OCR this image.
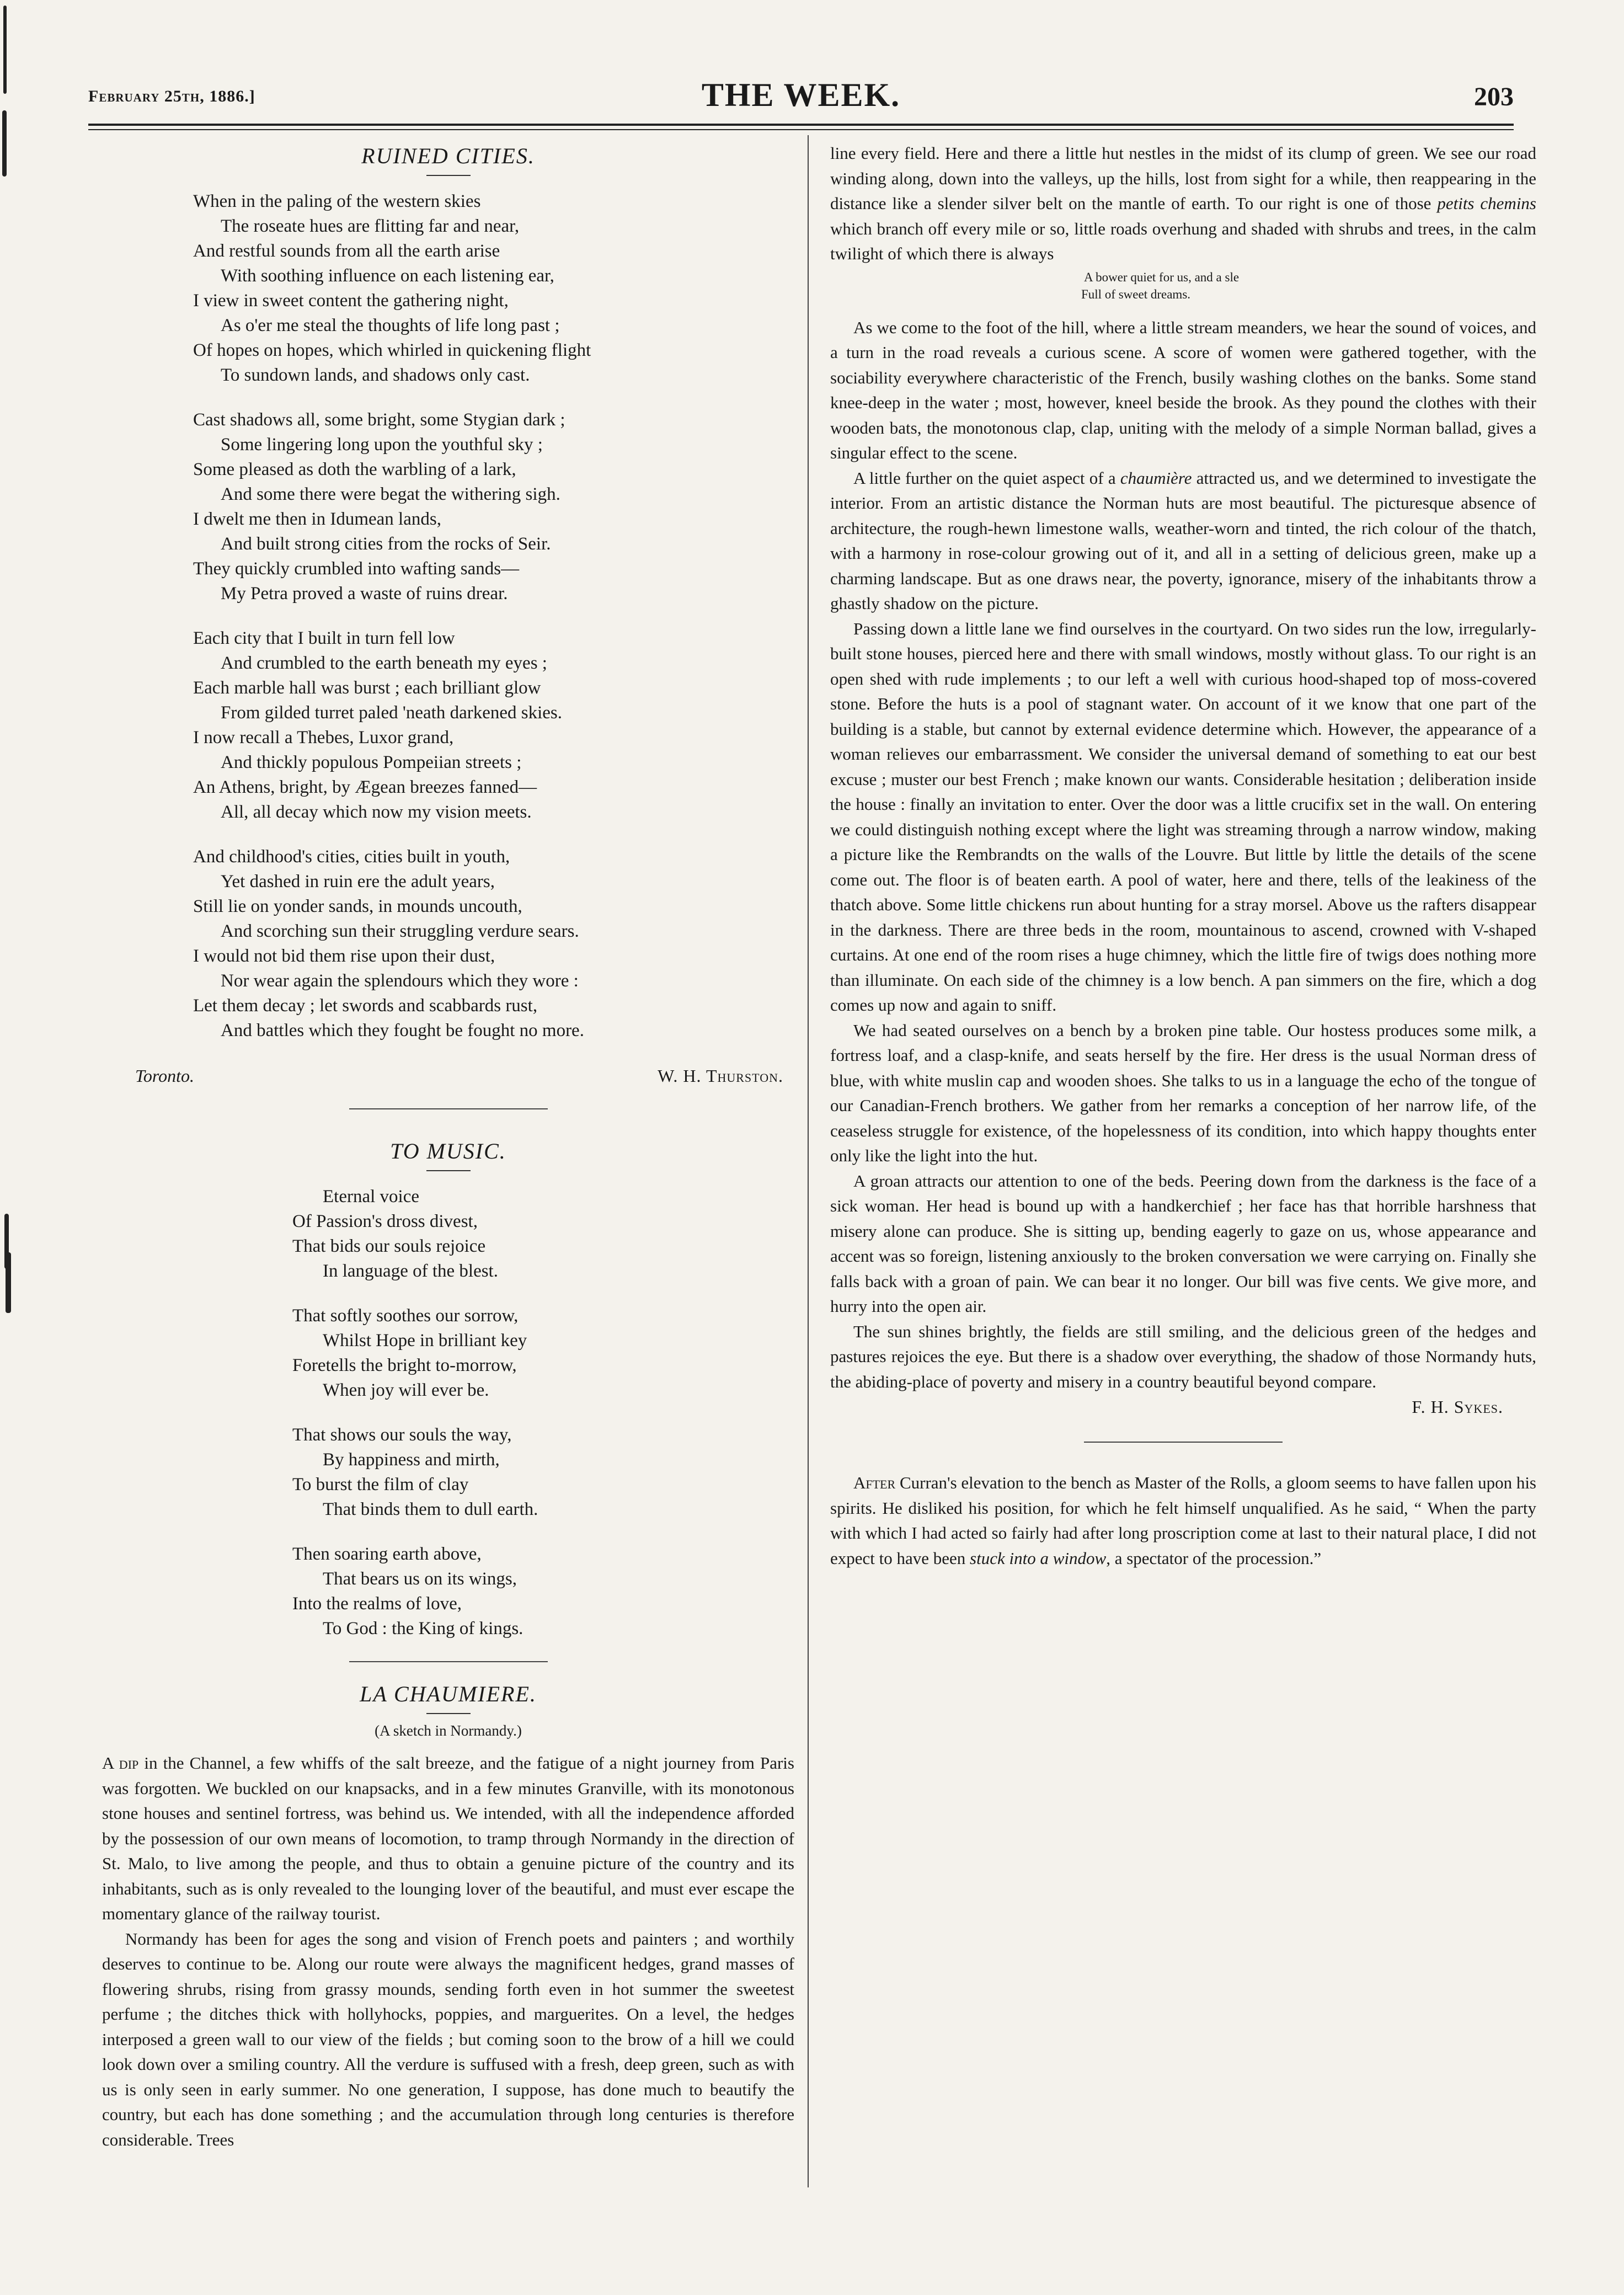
February 25th, 1886.]	THE WEEK.	203
RUINED CITIES.
When in the paling of the western skies
The roseate hues are flitting far and near,
And restful sounds from all the earth arise
With soothing influence on each listening ear,
I view in sweet content the gathering night,
As o'er me steal the thoughts of life long past ;
Of hopes on hopes, which whirled in quickening flight
To sundown lands, and shadows only cast.
Cast shadows all, some bright, some Stygian dark ;
Some lingering long upon the youthful sky ;
Some pleased as doth the warbling of a lark,
And some there were begat the withering sigh.
I dwelt me then in Idumean lands,
And built strong cities from the rocks of Seir.
They quickly crumbled into wafting sands—
My Petra proved a waste of ruins drear.
Each city that I built in turn fell low
And crumbled to the earth beneath my eyes ;
Each marble hall was burst ; each brilliant glow
From gilded turret paled 'neath darkened skies.
I now recall a Thebes, Luxor grand,
And thickly populous Pompeiian streets ;
An Athens, bright, by Ægean breezes fanned—
All, all decay which now my vision meets.
And childhood's cities, cities built in youth,
Yet dashed in ruin ere the adult years,
Still lie on yonder sands, in mounds uncouth,
And scorching sun their struggling verdure sears.
I would not bid them rise upon their dust,
Nor wear again the splendours which they wore :
Let them decay ; let swords and scabbards rust,
And battles which they fought be fought no more.
Toronto.	W. H. Thurston.
TO MUSIC.
Eternal voice
Of Passion's dross divest,
That bids our souls rejoice
In language of the blest.
That softly soothes our sorrow,
Whilst Hope in brilliant key
Foretells the bright to-morrow,
When joy will ever be.
That shows our souls the way,
By happiness and mirth,
To burst the film of clay
That binds them to dull earth.
Then soaring earth above,
That bears us on its wings,
Into the realms of love,
To God : the King of kings.
LA CHAUMIERE.
(A sketch in Normandy.)

A dip in the Channel, a few whiffs of the salt breeze, and the fatigue of a night journey from Paris was forgotten. We buckled on our knapsacks, and in a few minutes Granville, with its monotonous stone houses and sentinel fortress, was behind us. We intended, with all the independence afforded by the possession of our own means of locomotion, to tramp through Normandy in the direction of St. Malo, to live among the people, and thus to obtain a genuine picture of the country and its inhabitants, such as is only revealed to the lounging lover of the beautiful, and must ever escape the momentary glance of the railway tourist.

Normandy has been for ages the song and vision of French poets and painters ; and worthily deserves to continue to be. Along our route were always the magnificent hedges, grand masses of flowering shrubs, rising from grassy mounds, sending forth even in hot summer the sweetest perfume ; the ditches thick with hollyhocks, poppies, and marguerites. On a level, the hedges interposed a green wall to our view of the fields ; but coming soon to the brow of a hill we could look down over a smiling country. All the verdure is suffused with a fresh, deep green, such as with us is only seen in early summer. No one generation, I suppose, has done much to beautify the country, but each has done something ; and the accumulation through long centuries is therefore considerable. Trees

line every field. Here and there a little hut nestles in the midst of its clump of green. We see our road winding along, down into the valleys, up the hills, lost from sight for a while, then reappearing in the distance like a slender silver belt on the mantle of earth. To our right is one of those petits chemins which branch off every mile or so, little roads overhung and shaded with shrubs and trees, in the calm twilight of which there is always

A bower quiet for us, and a sle
Full of sweet dreams.

As we come to the foot of the hill, where a little stream meanders, we hear the sound of voices, and a turn in the road reveals a curious scene. A score of women were gathered together, with the sociability everywhere characteristic of the French, busily washing clothes on the banks. Some stand knee-deep in the water ; most, however, kneel beside the brook. As they pound the clothes with their wooden bats, the monotonous clap, clap, uniting with the melody of a simple Norman ballad, gives a singular effect to the scene.

A little further on the quiet aspect of a chaumière attracted us, and we determined to investigate the interior. From an artistic distance the Norman huts are most beautiful. The picturesque absence of architecture, the rough-hewn limestone walls, weather-worn and tinted, the rich colour of the thatch, with a harmony in rose-colour growing out of it, and all in a setting of delicious green, make up a charming landscape. But as one draws near, the poverty, ignorance, misery of the inhabitants throw a ghastly shadow on the picture.

Passing down a little lane we find ourselves in the courtyard. On two sides run the low, irregularly-built stone houses, pierced here and there with small windows, mostly without glass. To our right is an open shed with rude implements ; to our left a well with curious hood-shaped top of moss-covered stone. Before the huts is a pool of stagnant water. On account of it we know that one part of the building is a stable, but cannot by external evidence determine which. However, the appearance of a woman relieves our embarrassment. We consider the universal demand of something to eat our best excuse ; muster our best French ; make known our wants. Considerable hesitation ; deliberation inside the house : finally an invitation to enter. Over the door was a little crucifix set in the wall. On entering we could distinguish nothing except where the light was streaming through a narrow window, making a picture like the Rembrandts on the walls of the Louvre. But little by little the details of the scene come out. The floor is of beaten earth. A pool of water, here and there, tells of the leakiness of the thatch above. Some little chickens run about hunting for a stray morsel. Above us the rafters disappear in the darkness. There are three beds in the room, mountainous to ascend, crowned with V-shaped curtains. At one end of the room rises a huge chimney, which the little fire of twigs does nothing more than illuminate. On each side of the chimney is a low bench. A pan simmers on the fire, which a dog comes up now and again to sniff.

We had seated ourselves on a bench by a broken pine table. Our hostess produces some milk, a fortress loaf, and a clasp-knife, and seats herself by the fire. Her dress is the usual Norman dress of blue, with white muslin cap and wooden shoes. She talks to us in a language the echo of the tongue of our Canadian-French brothers. We gather from her remarks a conception of her narrow life, of the ceaseless struggle for existence, of the hopelessness of its condition, into which happy thoughts enter only like the light into the hut.

A groan attracts our attention to one of the beds. Peering down from the darkness is the face of a sick woman. Her head is bound up with a handkerchief ; her face has that horrible harshness that misery alone can produce. She is sitting up, bending eagerly to gaze on us, whose appearance and accent was so foreign, listening anxiously to the broken conversation we were carrying on. Finally she falls back with a groan of pain. We can bear it no longer. Our bill was five cents. We give more, and hurry into the open air.

The sun shines brightly, the fields are still smiling, and the delicious green of the hedges and pastures rejoices the eye. But there is a shadow over everything, the shadow of those Normandy huts, the abiding-place of poverty and misery in a country beautiful beyond compare.

F. H. Sykes.

After Curran's elevation to the bench as Master of the Rolls, a gloom seems to have fallen upon his spirits. He disliked his position, for which he felt himself unqualified. As he said, “ When the party with which I had acted so fairly had after long proscription come at last to their natural place, I did not expect to have been stuck into a window, a spectator of the procession.”
